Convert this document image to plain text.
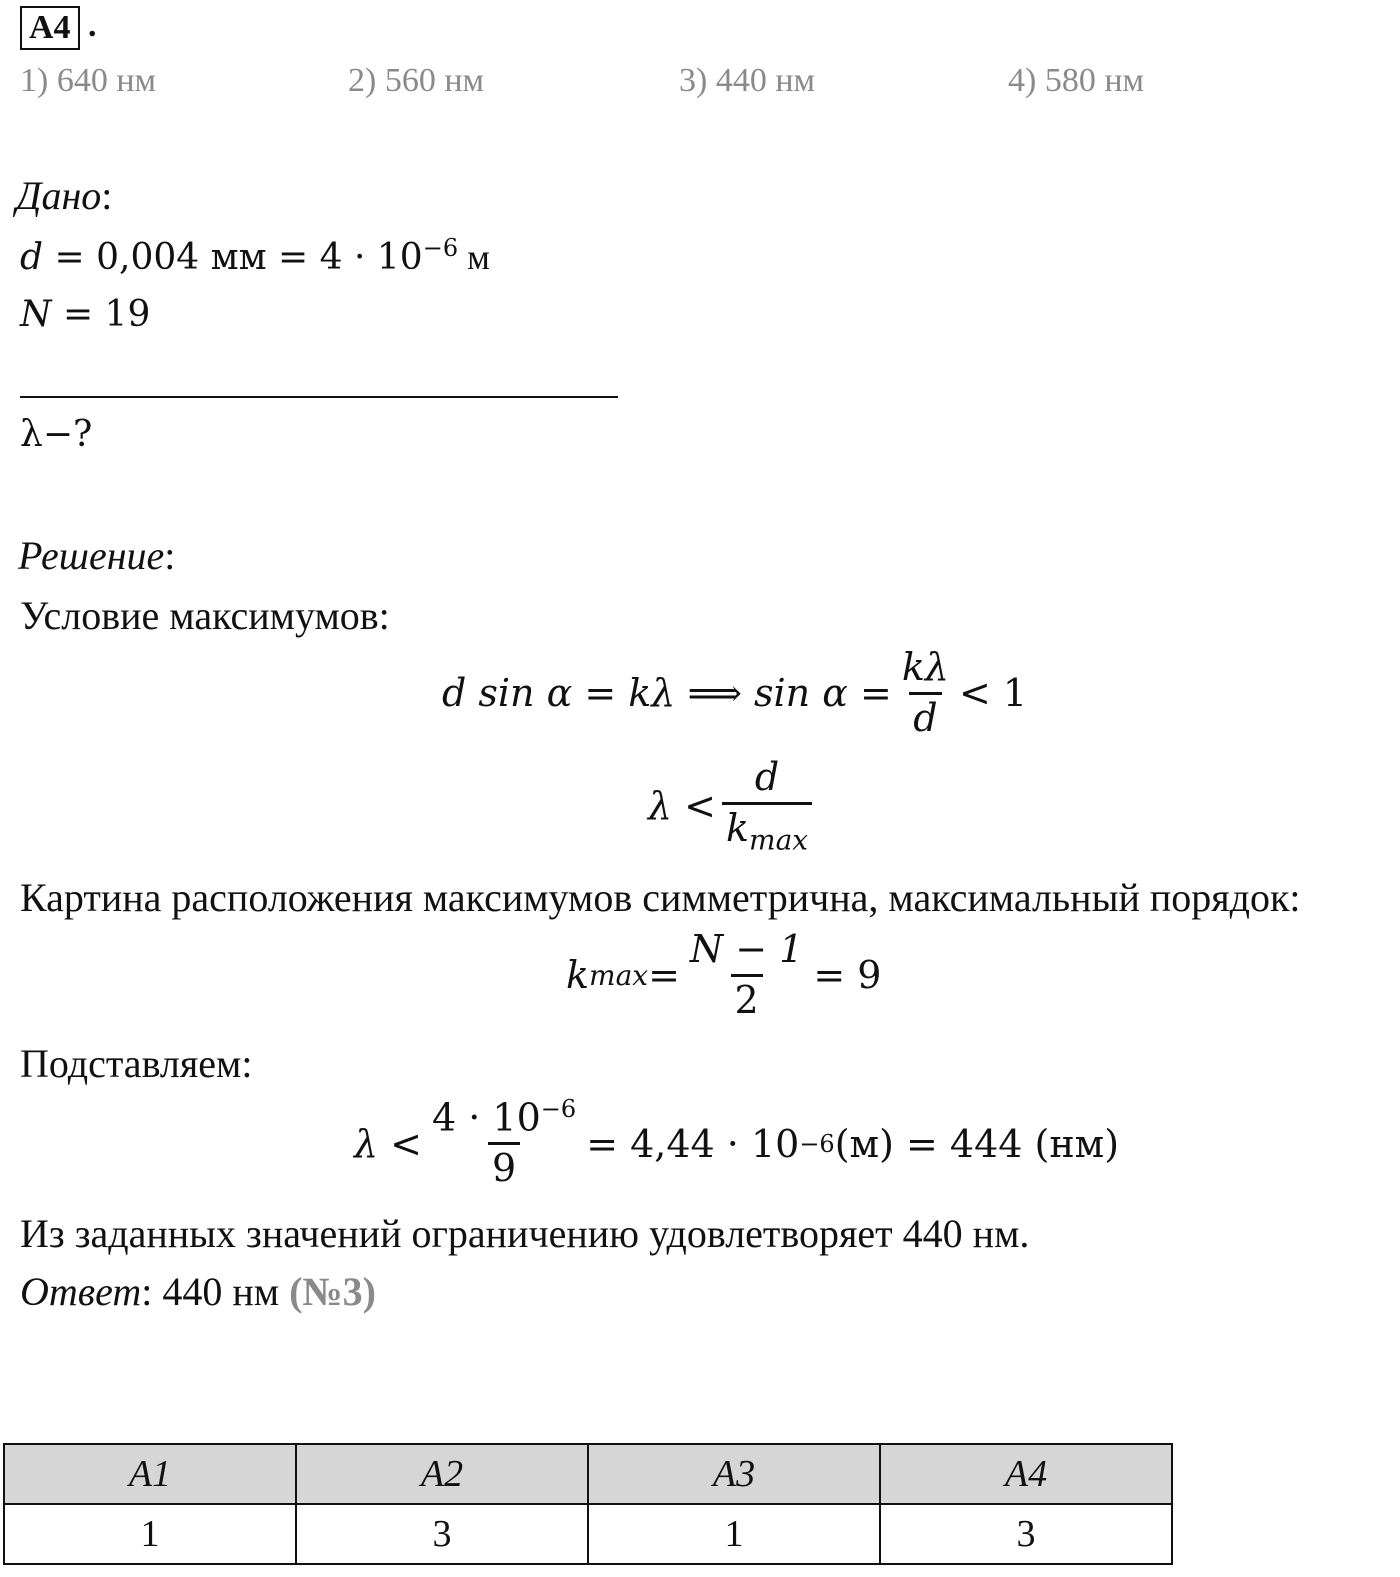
А4 .
1) 640 нм	2) 560 нм	3) 440 нм	4) 580 нм
Дано:
d = 0,004 мм = $4 \cdot 10^{-6}$ м
N = 19
λ−?
Решение:
Условие максимумов:
d sin α = kλ ⟹ $\sin \alpha = \frac{k\lambda}{d} < 1$
$\lambda < \frac{d}{k_{max}}$
Картина расположения максимумов симметрична, максимальный порядок:
k $\max = \frac{N - 1}{2} = 9$
Подставляем:
$\lambda < \frac{4 \cdot 10^{-6}}{9} = 4,44 \cdot 10 -6$ (м) = 444 (нм)
Из заданных значений ограничению удовлетворяет 440 нм.
Ответ: 440 нм (№3)
А1	А2	А3	А4
1	3	1	3
